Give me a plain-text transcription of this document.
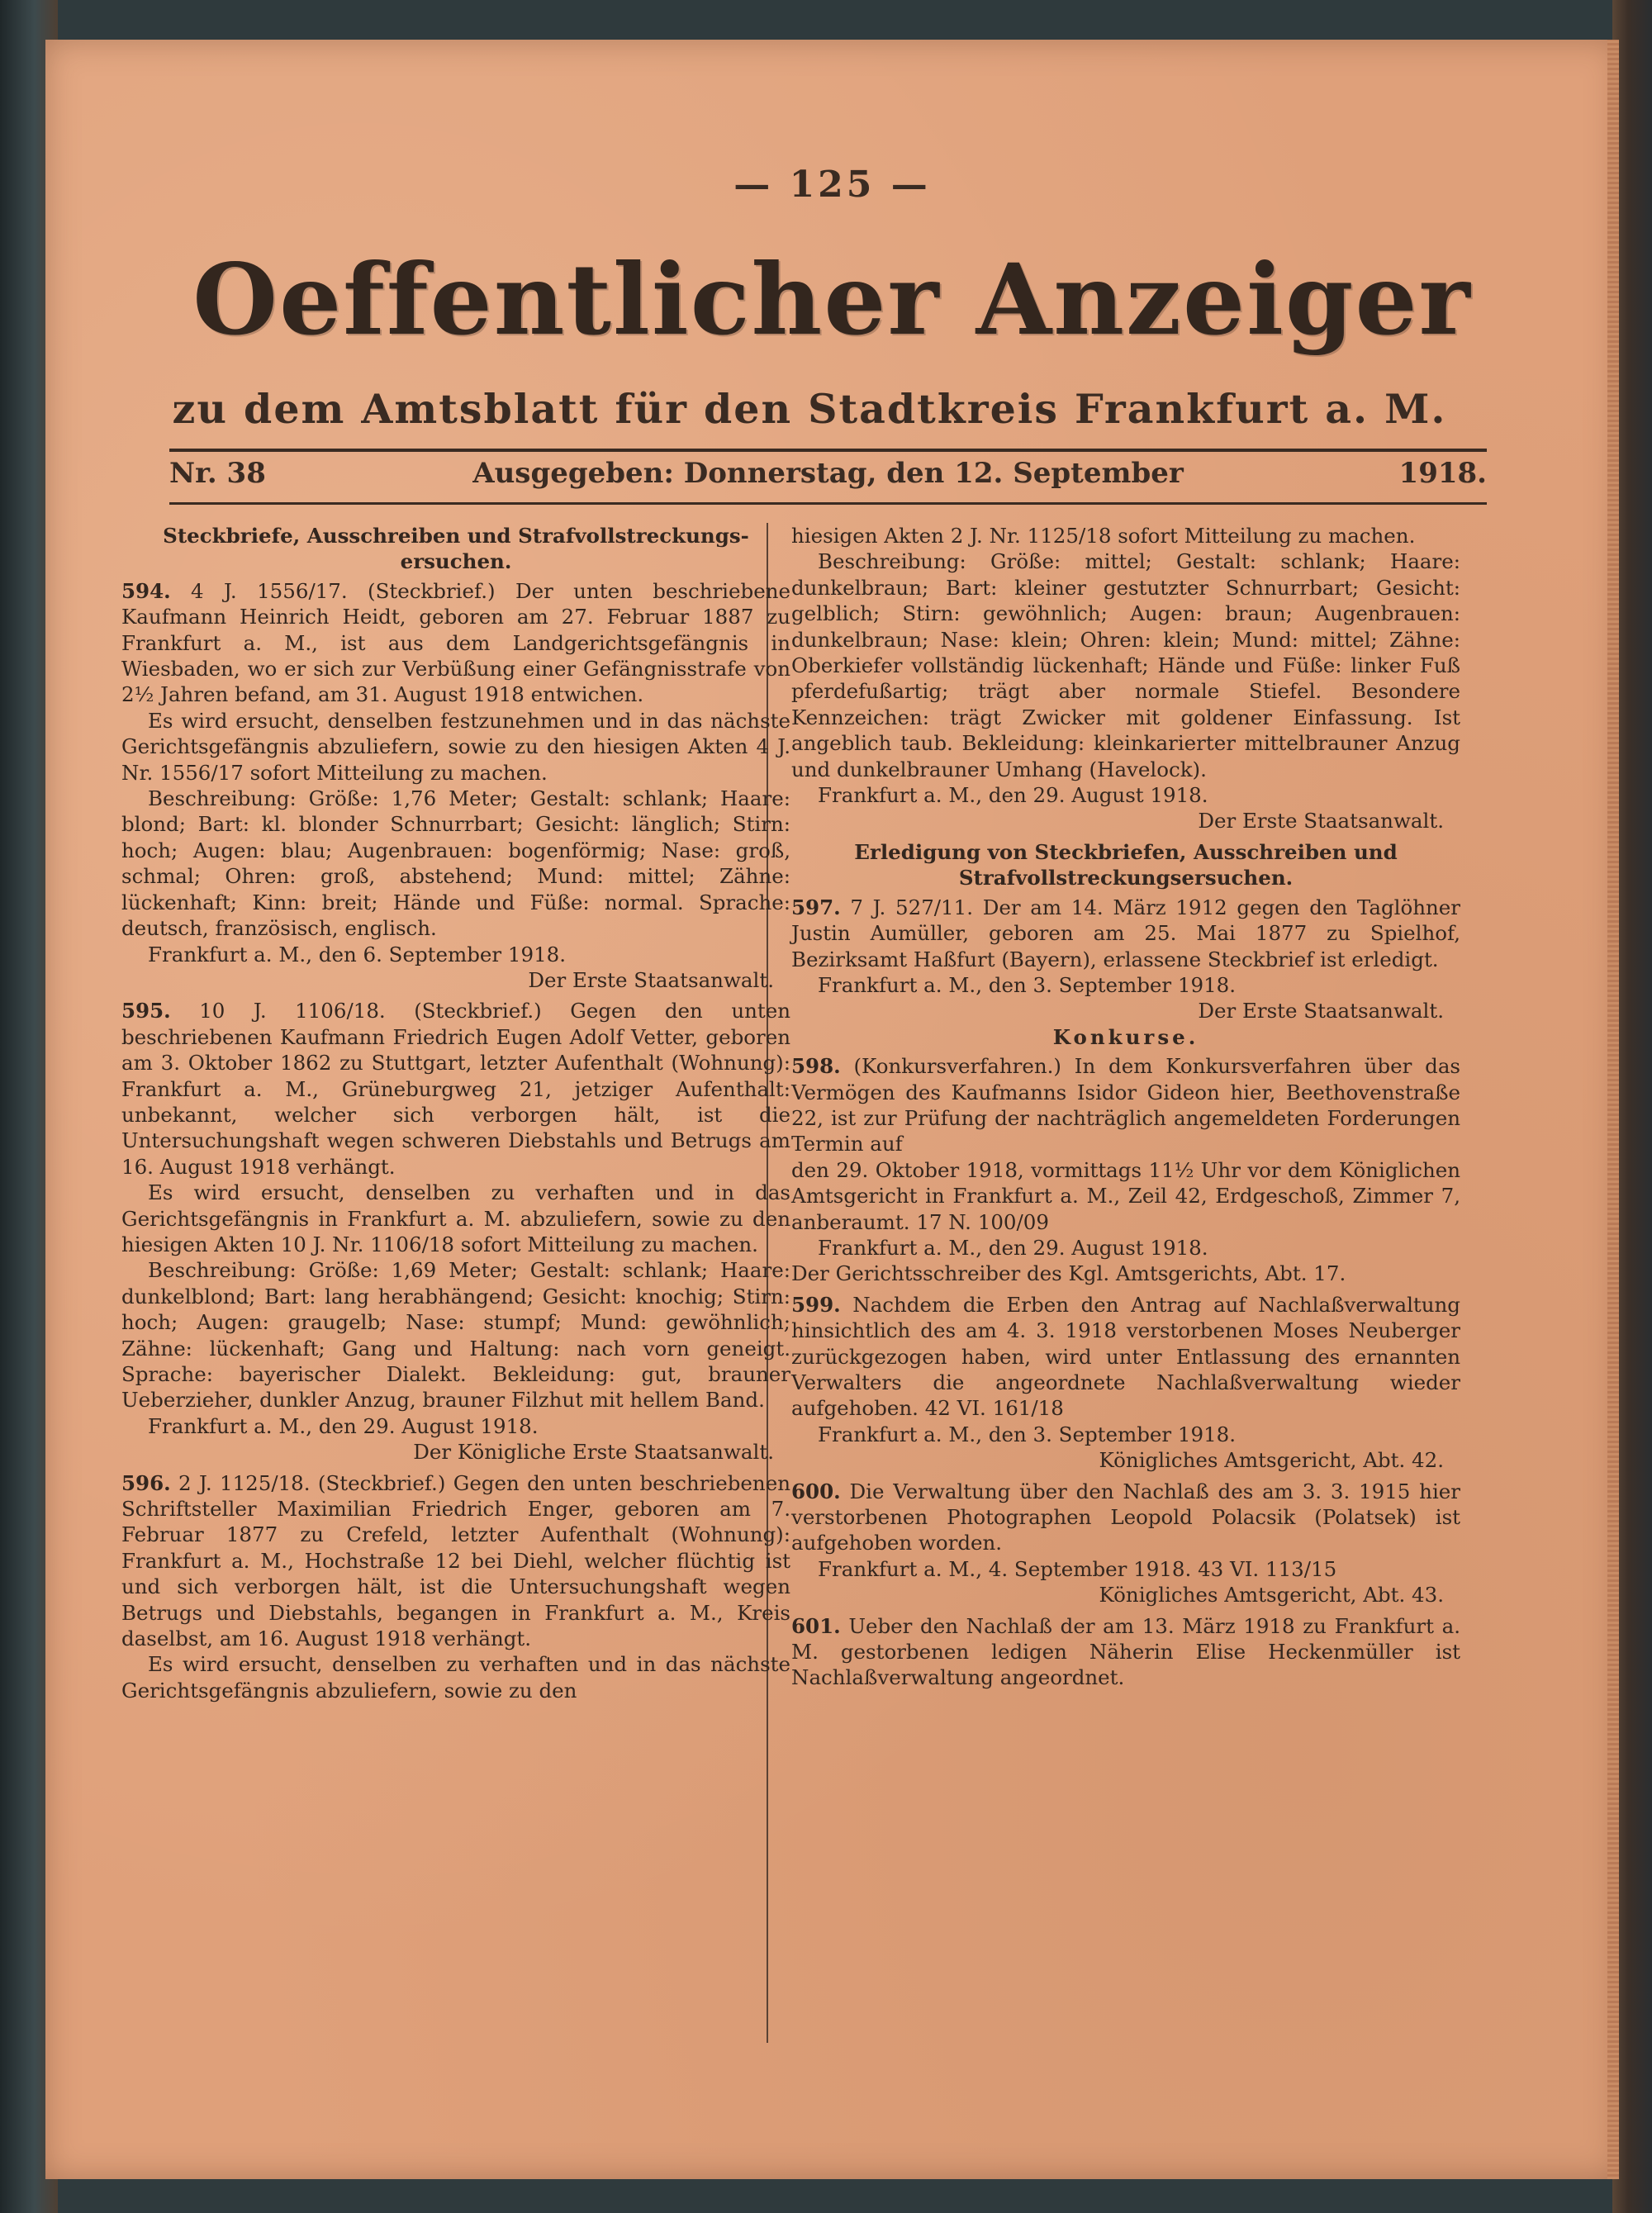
— 125 —
Oeffentlicher Anzeiger
zu dem Amtsblatt für den Stadtkreis Frankfurt a. M.
Nr. 38	Ausgegeben: Donnerstag, den 12. September	1918.

Steckbriefe, Ausschreiben und Strafvollstreckungs-ersuchen.

594. 4 J. 1556/17. (Steckbrief.) Der unten beschriebene Kaufmann Heinrich Heidt, geboren am 27. Februar 1887 zu Frankfurt a. M., ist aus dem Landgerichtsgefängnis in Wiesbaden, wo er sich zur Verbüßung einer Gefängnisstrafe von 2½ Jahren befand, am 31. August 1918 entwichen.

Es wird ersucht, denselben festzunehmen und in das nächste Gerichtsgefängnis abzuliefern, sowie zu den hiesigen Akten 4 J. Nr. 1556/17 sofort Mitteilung zu machen.

Beschreibung: Größe: 1,76 Meter; Gestalt: schlank; Haare: blond; Bart: kl. blonder Schnurrbart; Gesicht: länglich; Stirn: hoch; Augen: blau; Augenbrauen: bogenförmig; Nase: groß, schmal; Ohren: groß, abstehend; Mund: mittel; Zähne: lückenhaft; Kinn: breit; Hände und Füße: normal. Sprache: deutsch, französisch, englisch.

Frankfurt a. M., den 6. September 1918.

Der Erste Staatsanwalt.

595. 10 J. 1106/18. (Steckbrief.) Gegen den unten beschriebenen Kaufmann Friedrich Eugen Adolf Vetter, geboren am 3. Oktober 1862 zu Stuttgart, letzter Aufenthalt (Wohnung): Frankfurt a. M., Grüneburgweg 21, jetziger Aufenthalt: unbekannt, welcher sich verborgen hält, ist die Untersuchungshaft wegen schweren Diebstahls und Betrugs am 16. August 1918 verhängt.

Es wird ersucht, denselben zu verhaften und in das Gerichtsgefängnis in Frankfurt a. M. abzuliefern, sowie zu den hiesigen Akten 10 J. Nr. 1106/18 sofort Mitteilung zu machen.

Beschreibung: Größe: 1,69 Meter; Gestalt: schlank; Haare: dunkelblond; Bart: lang herabhängend; Gesicht: knochig; Stirn: hoch; Augen: graugelb; Nase: stumpf; Mund: gewöhnlich; Zähne: lückenhaft; Gang und Haltung: nach vorn geneigt. Sprache: bayerischer Dialekt. Bekleidung: gut, brauner Ueberzieher, dunkler Anzug, brauner Filzhut mit hellem Band.

Frankfurt a. M., den 29. August 1918.

Der Königliche Erste Staatsanwalt.

596. 2 J. 1125/18. (Steckbrief.) Gegen den unten beschriebenen Schriftsteller Maximilian Friedrich Enger, geboren am 7. Februar 1877 zu Crefeld, letzter Aufenthalt (Wohnung): Frankfurt a. M., Hochstraße 12 bei Diehl, welcher flüchtig ist und sich verborgen hält, ist die Untersuchungshaft wegen Betrugs und Diebstahls, begangen in Frankfurt a. M., Kreis daselbst, am 16. August 1918 verhängt.

Es wird ersucht, denselben zu verhaften und in das nächste Gerichtsgefängnis abzuliefern, sowie zu den

hiesigen Akten 2 J. Nr. 1125/18 sofort Mitteilung zu machen.

Beschreibung: Größe: mittel; Gestalt: schlank; Haare: dunkelbraun; Bart: kleiner gestutzter Schnurrbart; Gesicht: gelblich; Stirn: gewöhnlich; Augen: braun; Augenbrauen: dunkelbraun; Nase: klein; Ohren: klein; Mund: mittel; Zähne: Oberkiefer vollständig lückenhaft; Hände und Füße: linker Fuß pferdefußartig; trägt aber normale Stiefel. Besondere Kennzeichen: trägt Zwicker mit goldener Einfassung. Ist angeblich taub. Bekleidung: kleinkarierter mittelbrauner Anzug und dunkelbrauner Umhang (Havelock).

Frankfurt a. M., den 29. August 1918.

Der Erste Staatsanwalt.

Erledigung von Steckbriefen, Ausschreiben und Strafvollstreckungsersuchen.

597. 7 J. 527/11. Der am 14. März 1912 gegen den Taglöhner Justin Aumüller, geboren am 25. Mai 1877 zu Spielhof, Bezirksamt Haßfurt (Bayern), erlassene Steckbrief ist erledigt.

Frankfurt a. M., den 3. September 1918.

Der Erste Staatsanwalt.

Konkurse.

598. (Konkursverfahren.) In dem Konkursverfahren über das Vermögen des Kaufmanns Isidor Gideon hier, Beethovenstraße 22, ist zur Prüfung der nachträglich angemeldeten Forderungen Termin auf

den 29. Oktober 1918, vormittags 11½ Uhr vor dem Königlichen Amtsgericht in Frankfurt a. M., Zeil 42, Erdgeschoß, Zimmer 7, anberaumt. 17 N. 100/09

Frankfurt a. M., den 29. August 1918.

Der Gerichtsschreiber des Kgl. Amtsgerichts, Abt. 17.

599. Nachdem die Erben den Antrag auf Nachlaßverwaltung hinsichtlich des am 4. 3. 1918 verstorbenen Moses Neuberger zurückgezogen haben, wird unter Entlassung des ernannten Verwalters die angeordnete Nachlaßverwaltung wieder aufgehoben. 42 VI. 161/18

Frankfurt a. M., den 3. September 1918.

Königliches Amtsgericht, Abt. 42.

600. Die Verwaltung über den Nachlaß des am 3. 3. 1915 hier verstorbenen Photographen Leopold Polacsik (Polatsek) ist aufgehoben worden.

Frankfurt a. M., 4. September 1918. 43 VI. 113/15

Königliches Amtsgericht, Abt. 43.

601. Ueber den Nachlaß der am 13. März 1918 zu Frankfurt a. M. gestorbenen ledigen Näherin Elise Heckenmüller ist Nachlaßverwaltung angeordnet.
